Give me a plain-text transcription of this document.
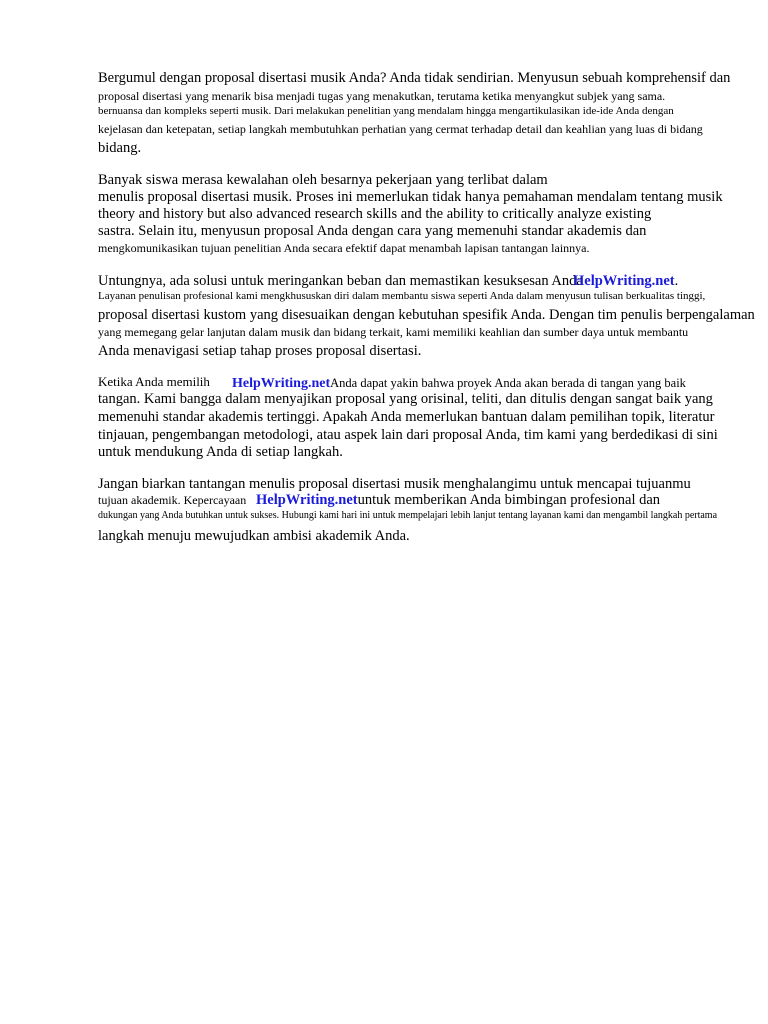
Bergumul dengan proposal disertasi musik Anda? Anda tidak sendirian. Menyusun sebuah komprehensif dan
proposal disertasi yang menarik bisa menjadi tugas yang menakutkan, terutama ketika menyangkut subjek yang sama.
bernuansa dan kompleks seperti musik. Dari melakukan penelitian yang mendalam hingga mengartikulasikan ide-ide Anda dengan
kejelasan dan ketepatan, setiap langkah membutuhkan perhatian yang cermat terhadap detail dan keahlian yang luas di bidang
bidang.
Banyak siswa merasa kewalahan oleh besarnya pekerjaan yang terlibat dalam
menulis proposal disertasi musik. Proses ini memerlukan tidak hanya pemahaman mendalam tentang musik
theory and history but also advanced research skills and the ability to critically analyze existing
sastra. Selain itu, menyusun proposal Anda dengan cara yang memenuhi standar akademis dan
mengkomunikasikan tujuan penelitian Anda secara efektif dapat menambah lapisan tantangan lainnya.
Untungnya, ada solusi untuk meringankan beban dan memastikan kesuksesan Anda
HelpWriting.net.
Layanan penulisan profesional kami mengkhususkan diri dalam membantu siswa seperti Anda dalam menyusun tulisan berkualitas tinggi,
proposal disertasi kustom yang disesuaikan dengan kebutuhan spesifik Anda. Dengan tim penulis berpengalaman
yang memegang gelar lanjutan dalam musik dan bidang terkait, kami memiliki keahlian dan sumber daya untuk membantu
Anda menavigasi setiap tahap proses proposal disertasi.
Ketika Anda memilih HelpWriting.netAnda dapat yakin bahwa proyek Anda akan berada di tangan yang baik
tangan. Kami bangga dalam menyajikan proposal yang orisinal, teliti, dan ditulis dengan sangat baik yang
memenuhi standar akademis tertinggi. Apakah Anda memerlukan bantuan dalam pemilihan topik, literatur
tinjauan, pengembangan metodologi, atau aspek lain dari proposal Anda, tim kami yang berdedikasi di sini
untuk mendukung Anda di setiap langkah.
Jangan biarkan tantangan menulis proposal disertasi musik menghalangimu untuk mencapai tujuanmu
tujuan akademik. Kepercayaan HelpWriting.netuntuk memberikan Anda bimbingan profesional dan
dukungan yang Anda butuhkan untuk sukses. Hubungi kami hari ini untuk mempelajari lebih lanjut tentang layanan kami dan mengambil langkah pertama
langkah menuju mewujudkan ambisi akademik Anda.
